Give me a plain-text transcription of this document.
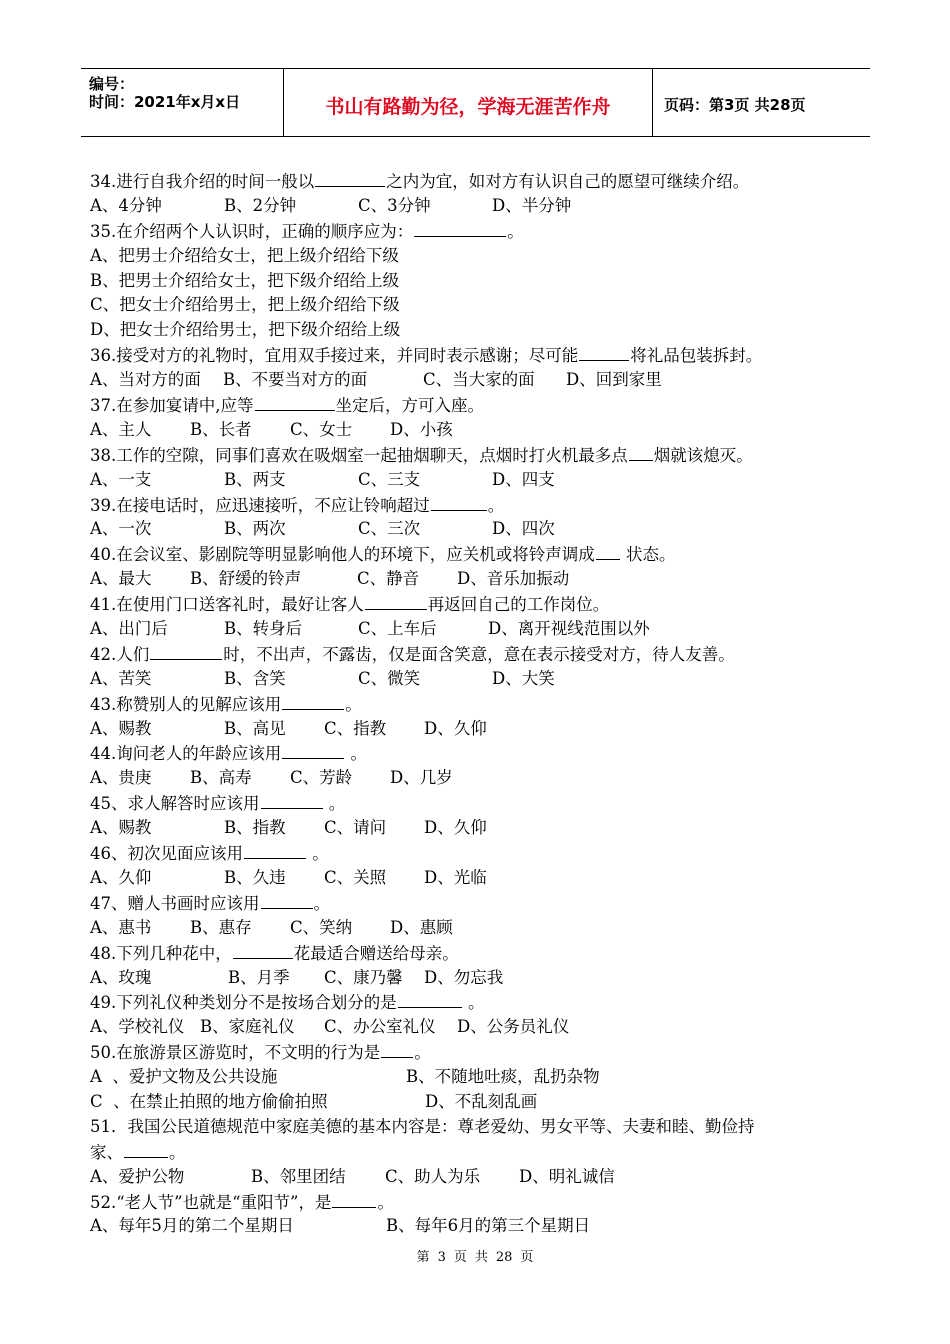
编号：
时间：2021年x月x日	书山有路勤为径，学海无涯苦作舟	页码：第3页 共28页
34.进行自我介绍的时间一般以	之内为宜，如对方有认识自己的愿望可继续介绍。
A、4分钟	B、2分钟	C、3分钟	D、半分钟
35.在介绍两个人认识时，正确的顺序应为：	。
A、把男士介绍给女士，把上级介绍给下级
B、把男士介绍给女士，把下级介绍给上级
C、把女士介绍给男士，把上级介绍给下级
D、把女士介绍给男士，把下级介绍给上级
36.接受对方的礼物时，宜用双手接过来，并同时表示感谢；尽可能	将礼品包装拆封。
A、当对方的面 B、不要当对方的面	C、当大家的面 D、回到家里
37.在参加宴请中,应等	坐定后，方可入座。
A、主人 B、长者 C、女士 D、小孩
38.工作的空隙，同事们喜欢在吸烟室一起抽烟聊天，点烟时打火机最多点 烟就该熄灭。
A、一支	B、两支	C、三支	D、四支
39.在接电话时，应迅速接听，不应让铃响超过	。
A、一次	B、两次	C、三次	D、四次
40.在会议室、影剧院等明显影响他人的环境下，应关机或将铃声调成 状态。
A、最大 B、舒缓的铃声	C、静音 D、音乐加振动
41.在使用门口送客礼时，最好让客人	再返回自己的工作岗位。
A、出门后	B、转身后	C、上车后	D、离开视线范围以外
42.人们	时，不出声，不露齿，仅是面含笑意，意在表示接受对方，待人友善。
A、苦笑	B、含笑	C、微笑	D、大笑
43.称赞别人的见解应该用	。
A、赐教	B、高见 C、指教 D、久仰
44.询问老人的年龄应该用	。
A、贵庚 B、高寿 C、芳龄 D、几岁
45、求人解答时应该用	。
A、赐教	B、指教 C、请问 D、久仰
46、初次见面应该用	。
A、久仰	B、久违 C、关照 D、光临
47、赠人书画时应该用	。
A、惠书 B、惠存 C、笑纳 D、惠顾
48.下列几种花中，	花最适合赠送给母亲。
A、玫瑰	B、月季 C、康乃馨 D、勿忘我
49.下列礼仪种类划分不是按场合划分的是	。
A、学校礼仪 B、家庭礼仪 C、办公室礼仪 D、公务员礼仪
50.在旅游景区游览时，不文明的行为是 。
A  、爱护文物及公共设施	B、不随地吐痰，乱扔杂物
C  、在禁止拍照的地方偷偷拍照	D、不乱刻乱画
51．我国公民道德规范中家庭美德的基本内容是：尊老爱幼、男女平等、夫妻和睦、勤俭持
家、	。
A、爱护公物	B、邻里团结 C、助人为乐 D、明礼诚信
52.“老人节”也就是“重阳节”，是	。
A、每年5月的第二个星期日	B、每年6月的第三个星期日
第 3 页 共 28 页
